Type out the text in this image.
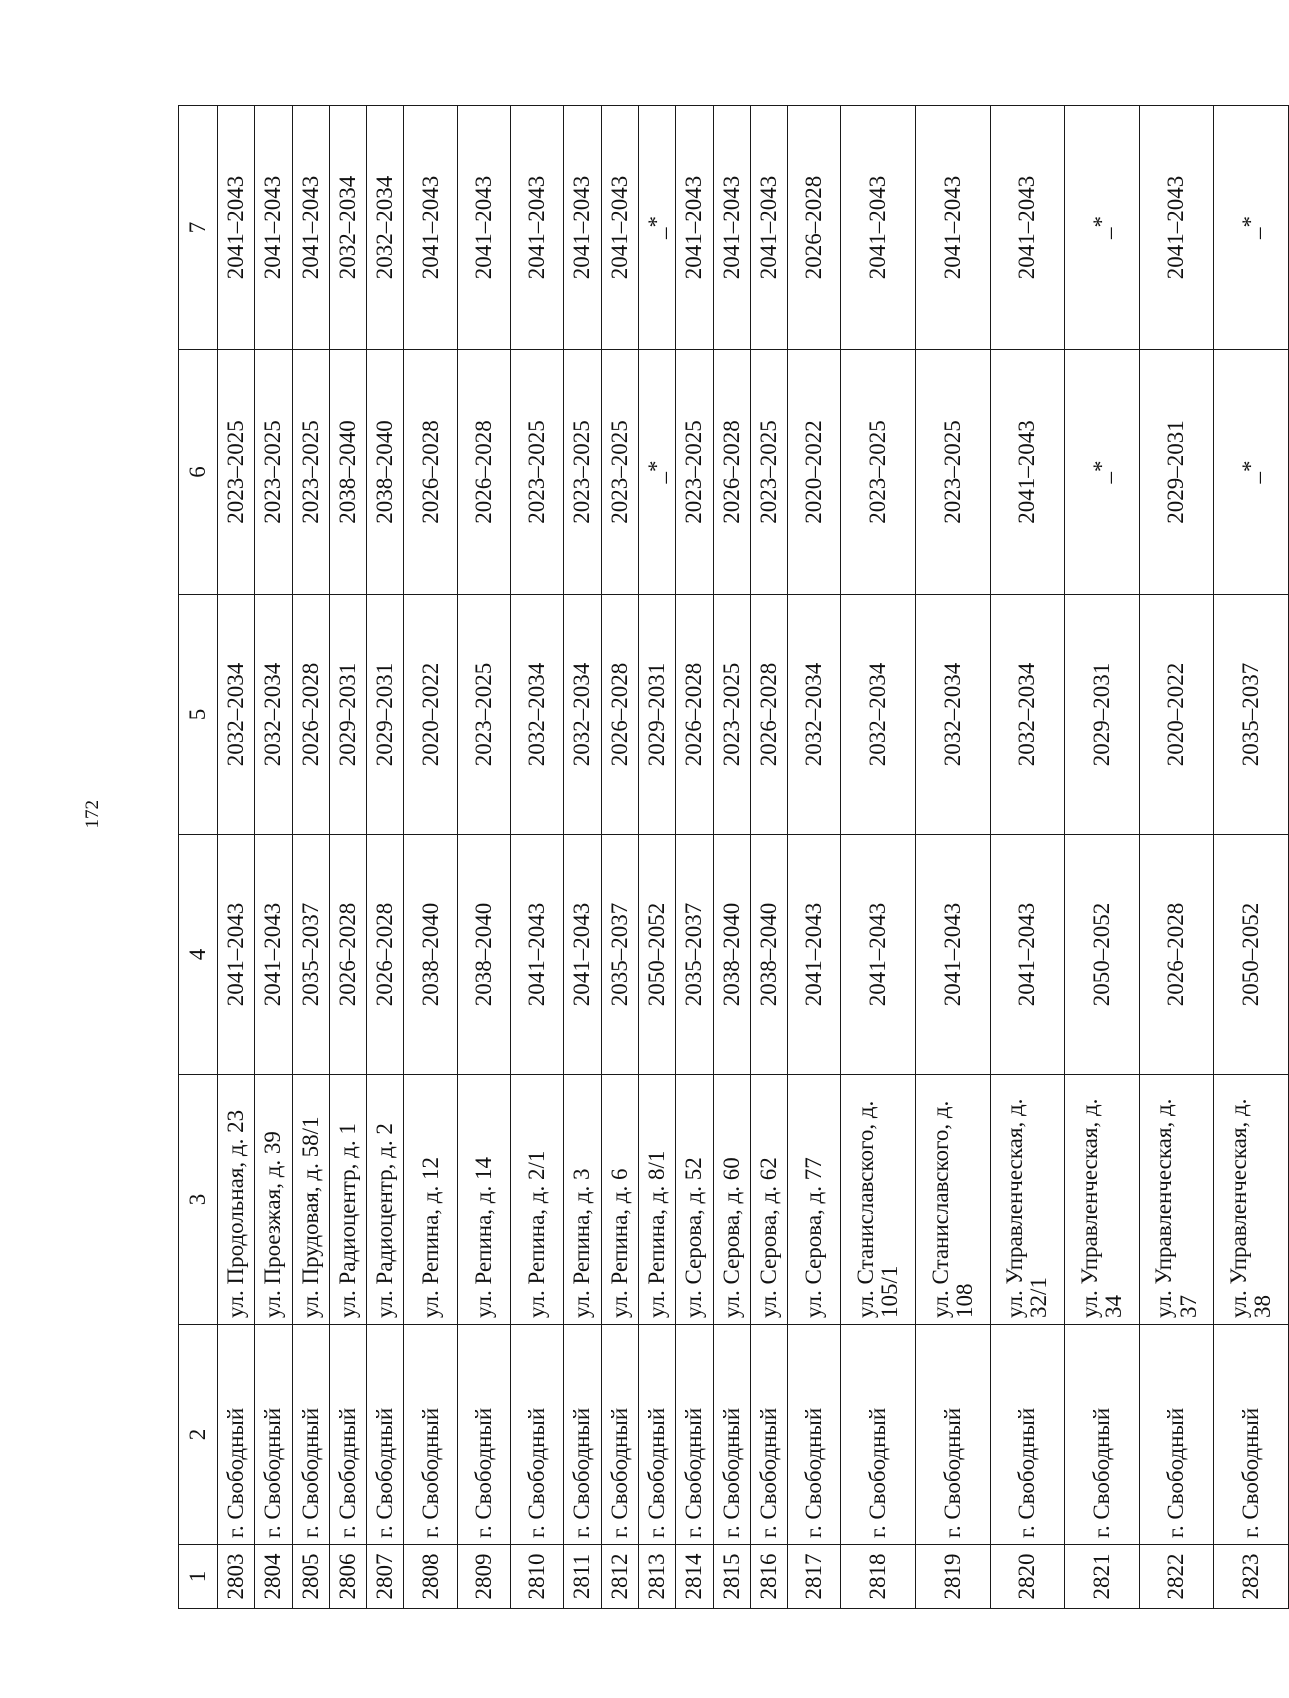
172
1	2	3	4	5	6	7
2803	г. Свободный	ул. Продольная, д. 23	2041–2043	2032–2034	2023–2025	2041–2043
2804	г. Свободный	ул. Проезжая, д. 39	2041–2043	2032–2034	2023–2025	2041–2043
2805	г. Свободный	ул. Прудовая, д. 58/1	2035–2037	2026–2028	2023–2025	2041–2043
2806	г. Свободный	ул. Радиоцентр, д. 1	2026–2028	2029–2031	2038–2040	2032–2034
2807	г. Свободный	ул. Радиоцентр, д. 2	2026–2028	2029–2031	2038–2040	2032–2034
2808	г. Свободный	ул. Репина, д. 12	2038–2040	2020–2022	2026–2028	2041–2043
2809	г. Свободный	ул. Репина, д. 14	2038–2040	2023–2025	2026–2028	2041–2043
2810	г. Свободный	ул. Репина, д. 2/1	2041–2043	2032–2034	2023–2025	2041–2043
2811	г. Свободный	ул. Репина, д. 3	2041–2043	2032–2034	2023–2025	2041–2043
2812	г. Свободный	ул. Репина, д. 6	2035–2037	2026–2028	2023–2025	2041–2043
2813	г. Свободный	ул. Репина, д. 8/1	2050–2052	2029–2031	_*	_*
2814	г. Свободный	ул. Серова, д. 52	2035–2037	2026–2028	2023–2025	2041–2043
2815	г. Свободный	ул. Серова, д. 60	2038–2040	2023–2025	2026–2028	2041–2043
2816	г. Свободный	ул. Серова, д. 62	2038–2040	2026–2028	2023–2025	2041–2043
2817	г. Свободный	ул. Серова, д. 77	2041–2043	2032–2034	2020–2022	2026–2028
2818	г. Свободный	ул. Станиславского, д. 105/1	2041–2043	2032–2034	2023–2025	2041–2043
2819	г. Свободный	ул. Станиславского, д. 108	2041–2043	2032–2034	2023–2025	2041–2043
2820	г. Свободный	ул. Управленческая, д. 32/1	2041–2043	2032–2034	2041–2043	2041–2043
2821	г. Свободный	ул. Управленческая, д. 34	2050–2052	2029–2031	_*	_*
2822	г. Свободный	ул. Управленческая, д. 37	2026–2028	2020–2022	2029–2031	2041–2043
2823	г. Свободный	ул. Управленческая, д. 38	2050–2052	2035–2037	_*	_*
